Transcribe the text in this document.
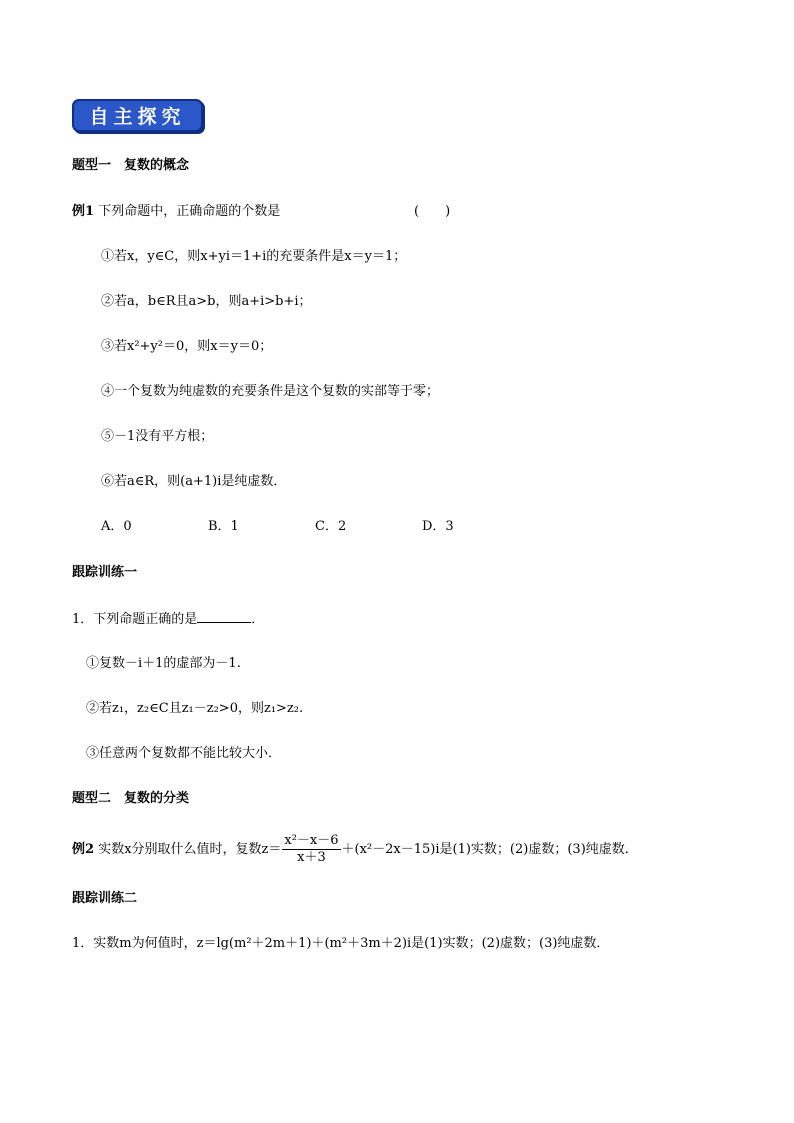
自主探究
题型一　复数的概念
例1 下列命题中，正确命题的个数是	(　　)
①若x，y∈C，则x+yi＝1+i的充要条件是x＝y＝1；
②若a，b∈R且a>b，则a+i>b+i；
③若x²+y²＝0，则x＝y＝0；
④一个复数为纯虚数的充要条件是这个复数的实部等于零；
⑤－1没有平方根；
⑥若a∈R，则(a+1)i是纯虚数．
A．0	B．1	C．2	D．3
跟踪训练一
1．下列命题正确的是	．
①复数－i＋1的虚部为－1.
②若z₁，z₂∈C且z₁－z₂>0，则z₁>z₂.
③任意两个复数都不能比较大小．
题型二　复数的分类
例2 实数x分别取什么值时，复数$z= \frac{\text{x²－x－6}}{x+3} +(x^2-2x-15)i$是(1)实数；(2)虚数；(3)纯虚数．
跟踪训练二
1．实数m为何值时，z＝lg(m²＋2m＋1)＋(m²＋3m＋2)i是(1)实数；(2)虚数；(3)纯虚数．
